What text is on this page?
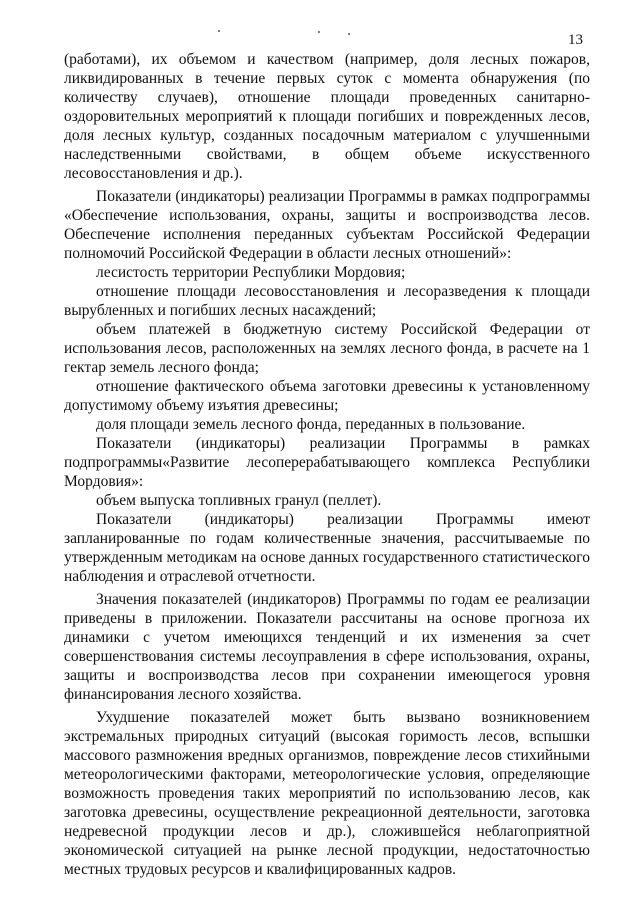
13

(работами), их объемом и качеством (например, доля лесных пожаров, ликвидированных в течение первых суток с момента обнаружения (по количеству случаев), отношение площади проведенных санитарно-оздоровительных мероприятий к площади погибших и поврежденных лесов, доля лесных культур, созданных посадочным материалом с улучшенными наследственными свойствами, в общем объеме искусственного лесовосстановления и др.).

Показатели (индикаторы) реализации Программы в рамках подпрограммы «Обеспечение использования, охраны, защиты и воспроизводства лесов. Обеспечение исполнения переданных субъектам Российской Федерации полномочий Российской Федерации в области лесных отношений»:

лесистость территории Республики Мордовия;

отношение площади лесовосстановления и лесоразведения к площади вырубленных и погибших лесных насаждений;

объем платежей в бюджетную систему Российской Федерации от использования лесов, расположенных на землях лесного фонда, в расчете на 1 гектар земель лесного фонда;

отношение фактического объема заготовки древесины к установленному допустимому объему изъятия древесины;

доля площади земель лесного фонда, переданных в пользование.

Показатели (индикаторы) реализации Программы в рамках подпрограммы«Развитие лесоперерабатывающего комплекса Республики Мордовия»:

объем выпуска топливных гранул (пеллет).

Показатели (индикаторы) реализации Программы имеют запланированные по годам количественные значения, рассчитываемые по утвержденным методикам на основе данных государственного статистического наблюдения и отраслевой отчетности.

Значения показателей (индикаторов) Программы по годам ее реализации приведены в приложении. Показатели рассчитаны на основе прогноза их динамики с учетом имеющихся тенденций и их изменения за счет совершенствования системы лесоуправления в сфере использования, охраны, защиты и воспроизводства лесов при сохранении имеющегося уровня финансирования лесного хозяйства.

Ухудшение показателей может быть вызвано возникновением экстремальных природных ситуаций (высокая горимость лесов, вспышки массового размножения вредных организмов, повреждение лесов стихийными метеорологическими факторами, метеорологические условия, определяющие возможность проведения таких мероприятий по использованию лесов, как заготовка древесины, осуществление рекреационной деятельности, заготовка недревесной продукции лесов и др.), сложившейся неблагоприятной экономической ситуацией на рынке лесной продукции, недостаточностью местных трудовых ресурсов и квалифицированных кадров.
